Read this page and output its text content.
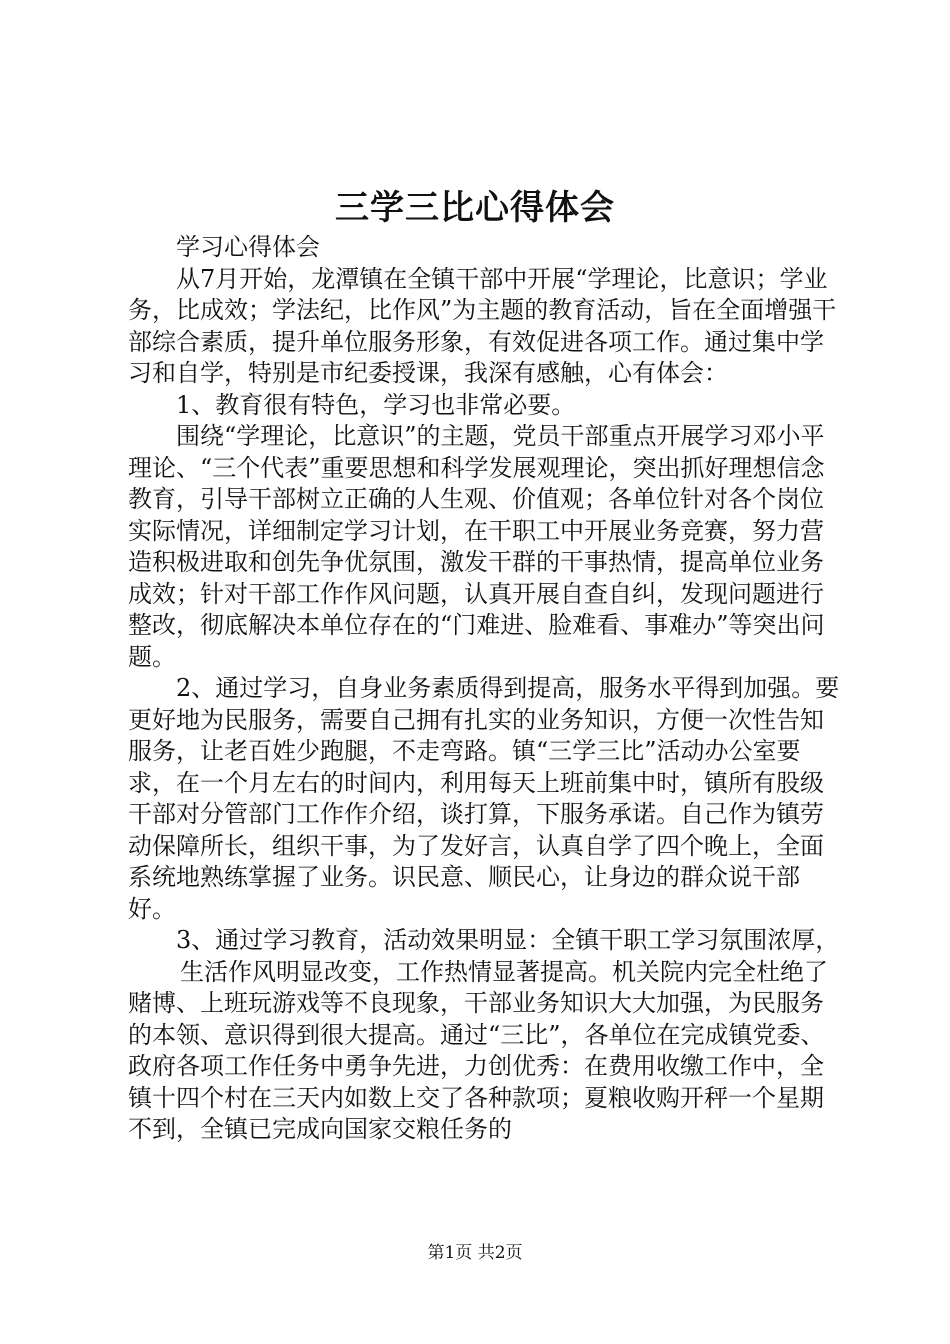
三学三比心得体会

学习心得体会

从7月开始，龙潭镇在全镇干部中开展“学理论，比意识；学业务，比成效；学法纪，比作风”为主题的教育活动，旨在全面增强干部综合素质，提升单位服务形象，有效促进各项工作。通过集中学习和自学，特别是市纪委授课，我深有感触，心有体会：

1、教育很有特色，学习也非常必要。

围绕“学理论，比意识”的主题，党员干部重点开展学习邓小平理论、“三个代表”重要思想和科学发展观理论，突出抓好理想信念教育，引导干部树立正确的人生观、价值观；各单位针对各个岗位实际情况，详细制定学习计划，在干职工中开展业务竞赛，努力营造积极进取和创先争优氛围，激发干群的干事热情，提高单位业务成效；针对干部工作作风问题，认真开展自查自纠，发现问题进行整改，彻底解决本单位存在的“门难进、脸难看、事难办”等突出问题。

2、通过学习，自身业务素质得到提高，服务水平得到加强。要更好地为民服务，需要自己拥有扎实的业务知识，方便一次性告知服务，让老百姓少跑腿，不走弯路。镇“三学三比”活动办公室要求，在一个月左右的时间内，利用每天上班前集中时，镇所有股级干部对分管部门工作作介绍，谈打算，下服务承诺。自己作为镇劳动保障所长，组织干事，为了发好言，认真自学了四个晚上，全面系统地熟练掌握了业务。识民意、顺民心，让身边的群众说干部好。

3、通过学习教育，活动效果明显：全镇干职工学习氛围浓厚，

生活作风明显改变，工作热情显著提高。机关院内完全杜绝了赌博、上班玩游戏等不良现象，干部业务知识大大加强，为民服务的本领、意识得到很大提高。通过“三比”，各单位在完成镇党委、政府各项工作任务中勇争先进，力创优秀：在费用收缴工作中，全镇十四个村在三天内如数上交了各种款项；夏粮收购开秤一个星期不到，全镇已完成向国家交粮任务的

第1页 共2页
